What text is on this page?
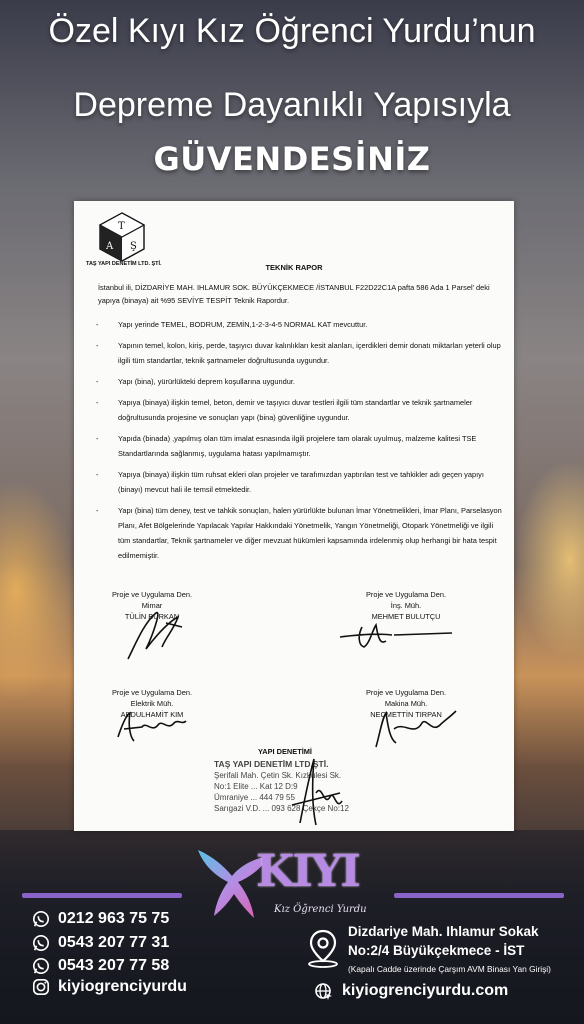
Özel Kıyı Kız Öğrenci Yurdu’nun
Depreme Dayanıklı Yapısıyla
GÜVENDESİNİZ
T
A Ş
TAŞ YAPI DENETİM LTD. ŞTİ.	TEKNİK RAPOR
İstanbul ili, DİZDARİYE MAH. IHLAMUR SOK. BÜYÜKÇEKMECE /İSTANBUL F22D22C1A pafta 586 Ada 1 Parsel' deki yapıya (binaya) ait %95 SEVİYE TESPİT Teknik Rapordur.
- Yapı yerinde TEMEL, BODRUM, ZEMİN,1-2-3-4-5 NORMAL KAT mevcuttur.
- Yapının temel, kolon, kiriş, perde, taşıyıcı duvar kalınlıkları kesit alanları, içerdikleri demir donatı miktarları yeterli olup ilgili tüm standartlar, teknik şartnameler doğrultusunda uygundur.
- Yapı (bina), yürürlükteki deprem koşullarına uygundur.
- Yapıya (binaya) ilişkin temel, beton, demir ve taşıyıcı duvar testleri ilgili tüm standartlar ve teknik şartnameler doğrultusunda projesine ve sonuçları yapı (bina) güvenliğine uygundur.
- Yapıda (binada) ,yapılmış olan tüm imalat esnasında ilgili projelere tam olarak uyulmuş, malzeme kalitesi TSE Standartlarında sağlanmış, uygulama hatası yapılmamıştır.
- Yapıya (binaya) ilişkin tüm ruhsat ekleri olan projeler ve tarafımızdan yaptırılan test ve tahkikler adı geçen yapıyı (binayı) mevcut hali ile temsil etmektedir.
- Yapı (bina) tüm deney, test ve tahkik sonuçları, halen yürürlükte bulunan İmar Yönetmelikleri, İmar Planı, Parselasyon Planı, Afet Bölgelerinde Yapılacak Yapılar Hakkındaki Yönetmelik, Yangın Yönetmeliği, Otopark Yönetmeliği ve ilgili tüm standartlar, Teknik şartnameler ve diğer mevzuat hükümleri kapsamında irdelenmiş olup herhangi bir hata tespit edilmemiştir.
Proje ve Uygulama Den.
Mimar
TÜLİN BÜRKAN
Proje ve Uygulama Den.
İnş. Müh.
MEHMET BULUTÇU
Proje ve Uygulama Den.
Elektrik Müh.
ABDULHAMİT KIM
Proje ve Uygulama Den.
Makina Müh.
NECMETTİN TIRPAN
YAPI DENETİMİ
TAŞ YAPI DENETİM LTD.ŞTİ.
Şerifali Mah. Çetin Sk. Kızkulesi Sk.
No:1 Elite ... Kat 12 D:9
Ümraniye ... 444 79 55
Sarıgazi V.D. ... 093 628 Çekçe No:12
KIYI
Kız Öğrenci Yurdu
0212 963 75 75
0543 207 77 31
0543 207 77 58
kiyiogrenciyurdu
Dizdariye Mah. Ihlamur Sokak
No:2/4 Büyükçekmece - İST
(Kapalı Cadde üzerinde Çarşım AVM Binası Yan Girişi)
kiyiogrenciyurdu.com
